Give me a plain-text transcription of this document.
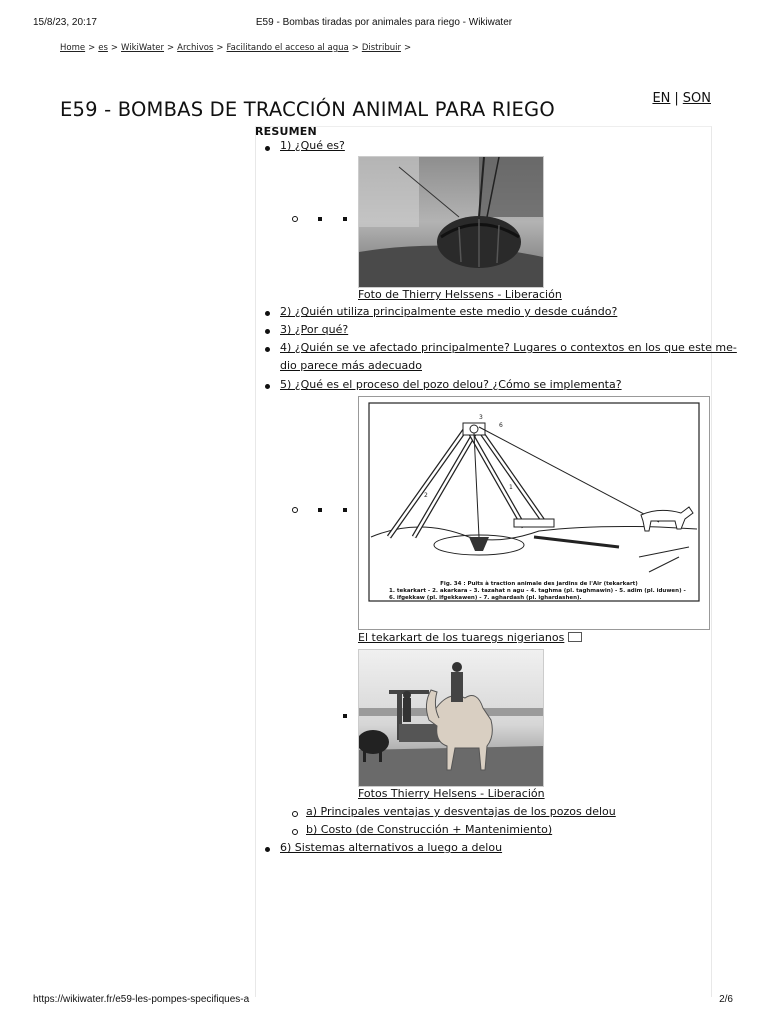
15/8/23, 20:17	E59 - Bombas tiradas por animales para riego - Wikiwater
Home > es > WikiWater > Archivos > Facilitando el acceso al agua > Distribuir >
E59 - BOMBAS DE TRACCIÓN ANIMAL PARA RIEGO	EN | SON
RESUMEN
1) ¿Qué es?
Foto de Thierry Helssens - Liberación
2) ¿Quién utiliza principalmente este medio y desde cuándo?
3) ¿Por qué?
4) ¿Quién se ve afectado principalmente? Lugares o contextos en los que este me-
dio parece más adecuado
5) ¿Qué es el proceso del pozo delou? ¿Cómo se implementa?
3
6
2
1
Fig. 34 : Puits à traction animale des jardins de l'Aïr (tekarkart)
1. tekarkart - 2. akarkara - 3. tazahat n agu - 4. taghma (pl. taghmawin) - 5. adim (pl. iduwen) -
6. ifgekkaw (pl. ifgekkawen) - 7. aghardash (pl. ighardashen).
El tekarkart de los tuaregs nigerianos
Fotos Thierry Helsens - Liberación
a) Principales ventajas y desventajas de los pozos delou
b) Costo (de Construcción + Mantenimiento)
6) Sistemas alternativos a luego a delou
https://wikiwater.fr/e59-les-pompes-specifiques-a	2/6
